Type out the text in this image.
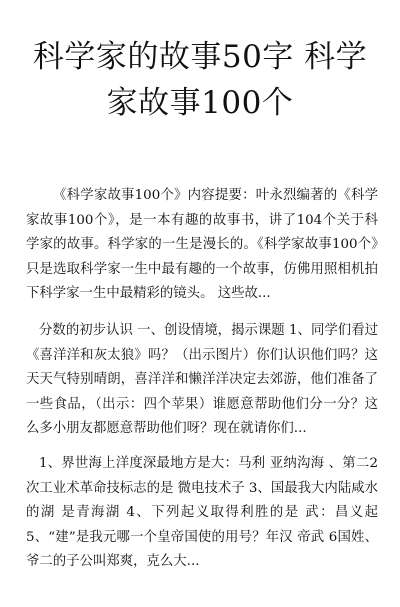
科学家的故事50字 科学家故事100个

《科学家故事100个》内容提要：叶永烈编著的《科学家故事100个》，是一本有趣的故事书，讲了104个关于科学家的故事。科学家的一生是漫长的。《科学家故事100个》只是选取科学家一生中最有趣的一个故事，仿佛用照相机拍下科学家一生中最精彩的镜头。 这些故...

分数的初步认识 一、创设情境，揭示课题 1、同学们看过《喜洋洋和灰太狼》吗？（出示图片）你们认识他们吗？这天天气特别晴朗，喜洋洋和懒洋洋决定去郊游，他们准备了一些食品，（出示：四个苹果）谁愿意帮助他们分一分？这么多小朋友都愿意帮助他们呀？现在就请你们...

1、界世海上洋度深最地方是大：马利 亚纳沟海 、第二2次工业术革命技标志的是 微电技术子 3、国最我大内陆咸水的湖 是青海湖 4、下列起义取得利胜的是 武：昌义起 5、“建”是我元哪一个皇帝国使的用号？年汉 帝武 6国姓、爷二的子公叫郑爽，克么大...
